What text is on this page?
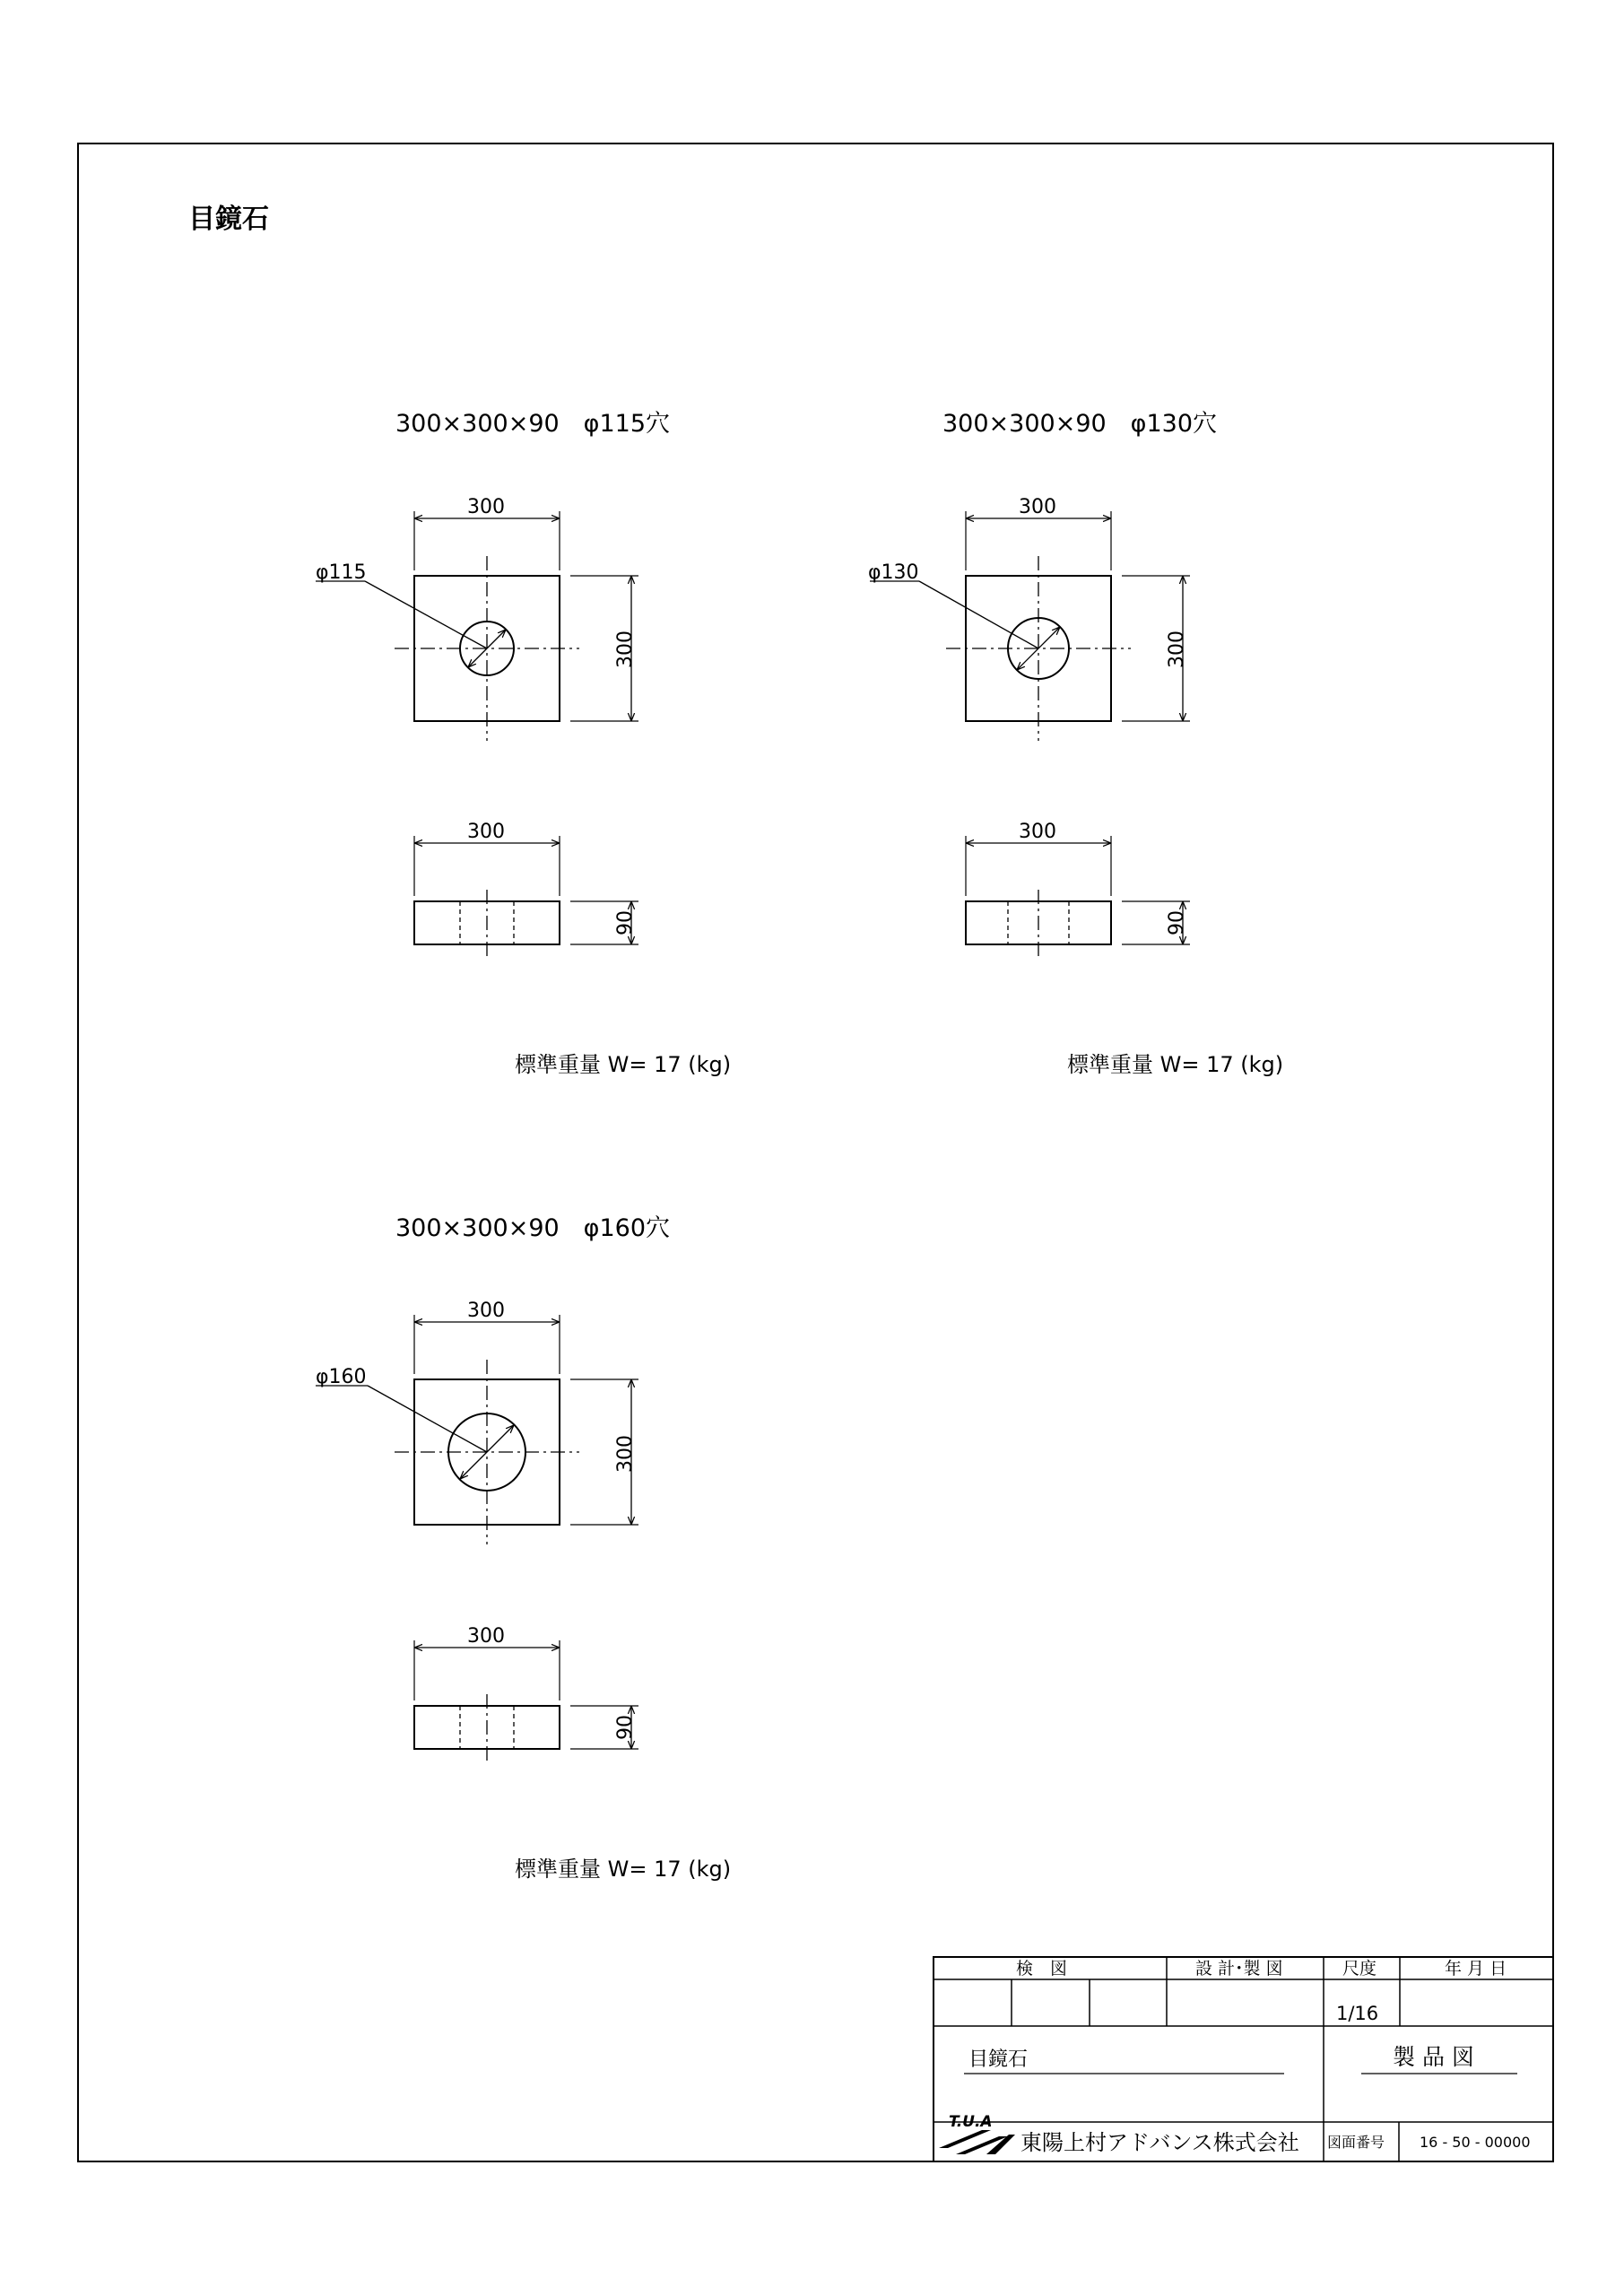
目鏡石
300×300×90　φ115穴
300
φ115
300
300
90
標準重量 W= 17 (kg)
300×300×90　φ130穴
300
φ130
300
300
90
標準重量 W= 17 (kg)
300×300×90　φ160穴
300
φ160
300
300
90
標準重量 W= 17 (kg)
検　図	設 計･製 図	尺度	年 月 日
1/16
目鏡石	製 品 図
T.U.A
東陽上村アドバンス株式会社 図面番号 16 - 50 - 00000
